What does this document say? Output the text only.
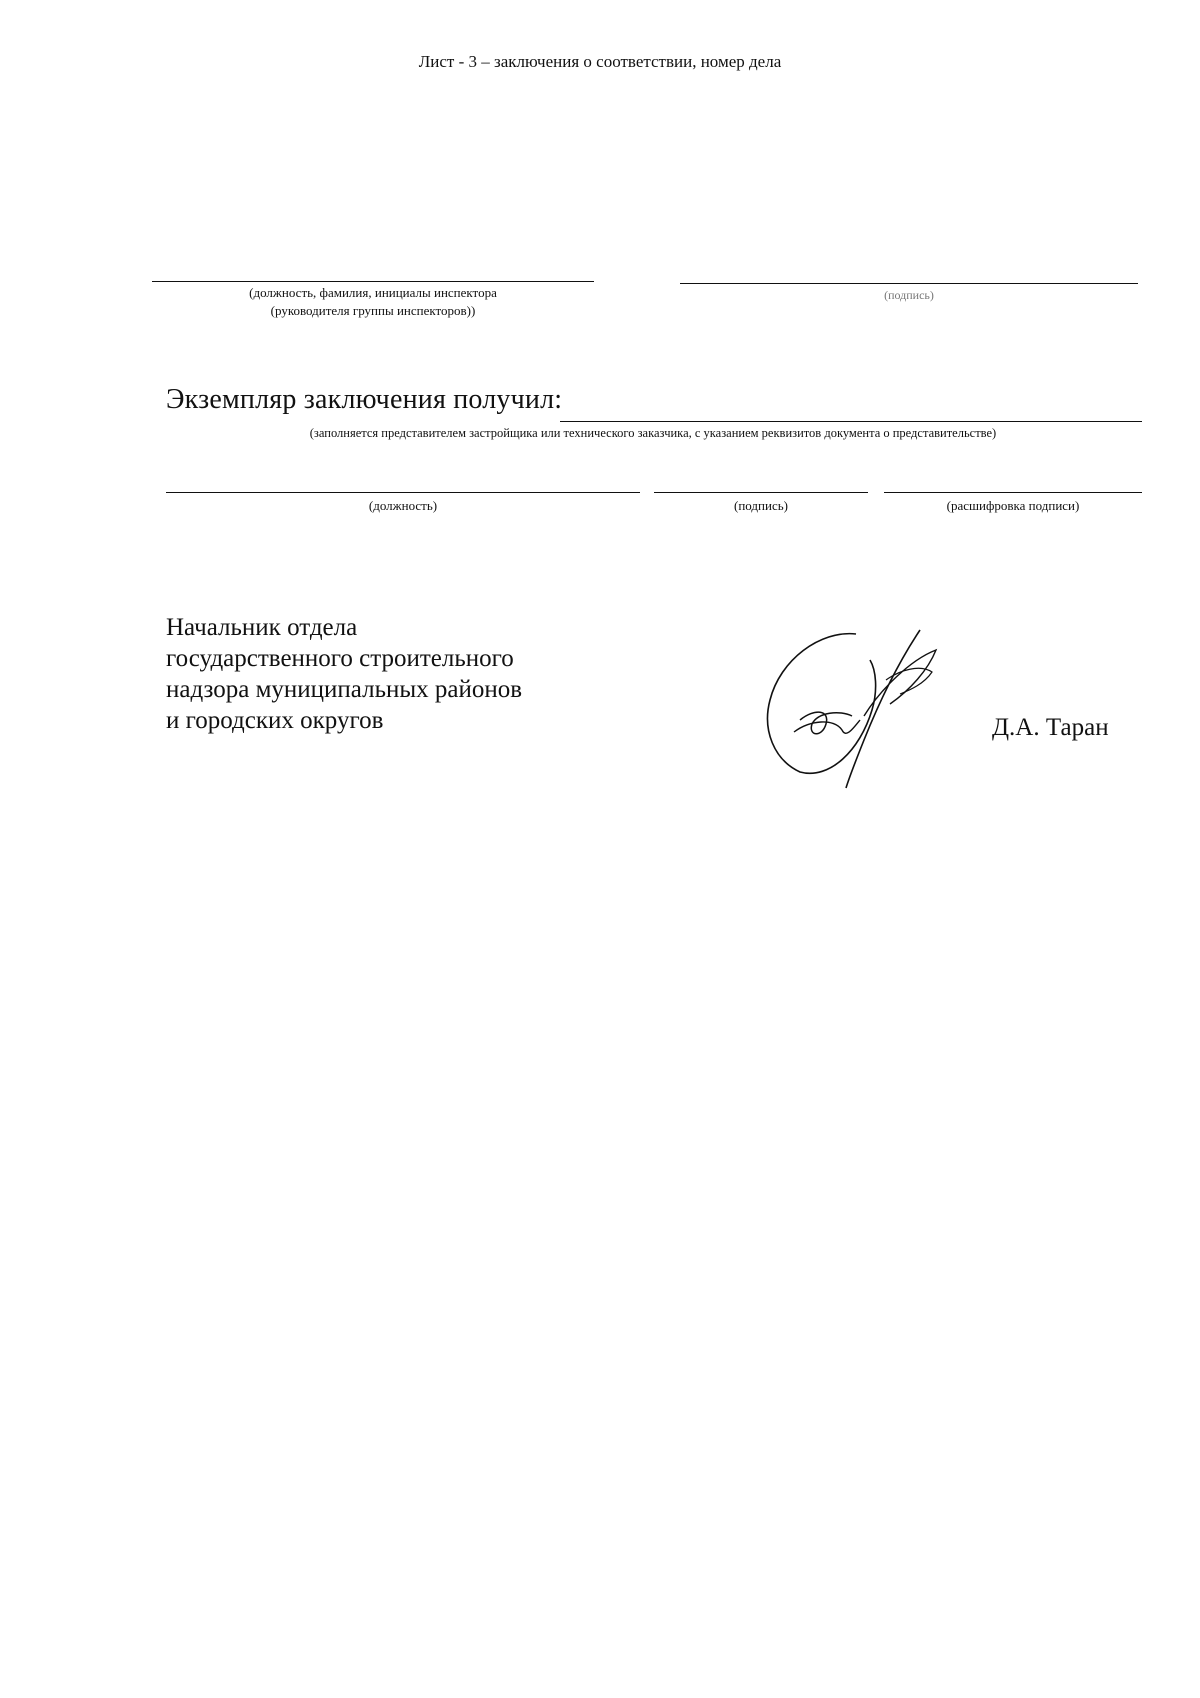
Лист - 3 – заключения о соответствии, номер дела
(должность, фамилия, инициалы инспектора
(руководителя группы инспекторов))
(подпись)
Экземпляр заключения получил:
(заполняется представителем застройщика или технического заказчика, с указанием реквизитов документа о представительстве)
(должность)	(подпись)	(расшифровка подписи)
Начальник отдела
государственного строительного
надзора муниципальных районов
и городских округов	Д.А. Таран
